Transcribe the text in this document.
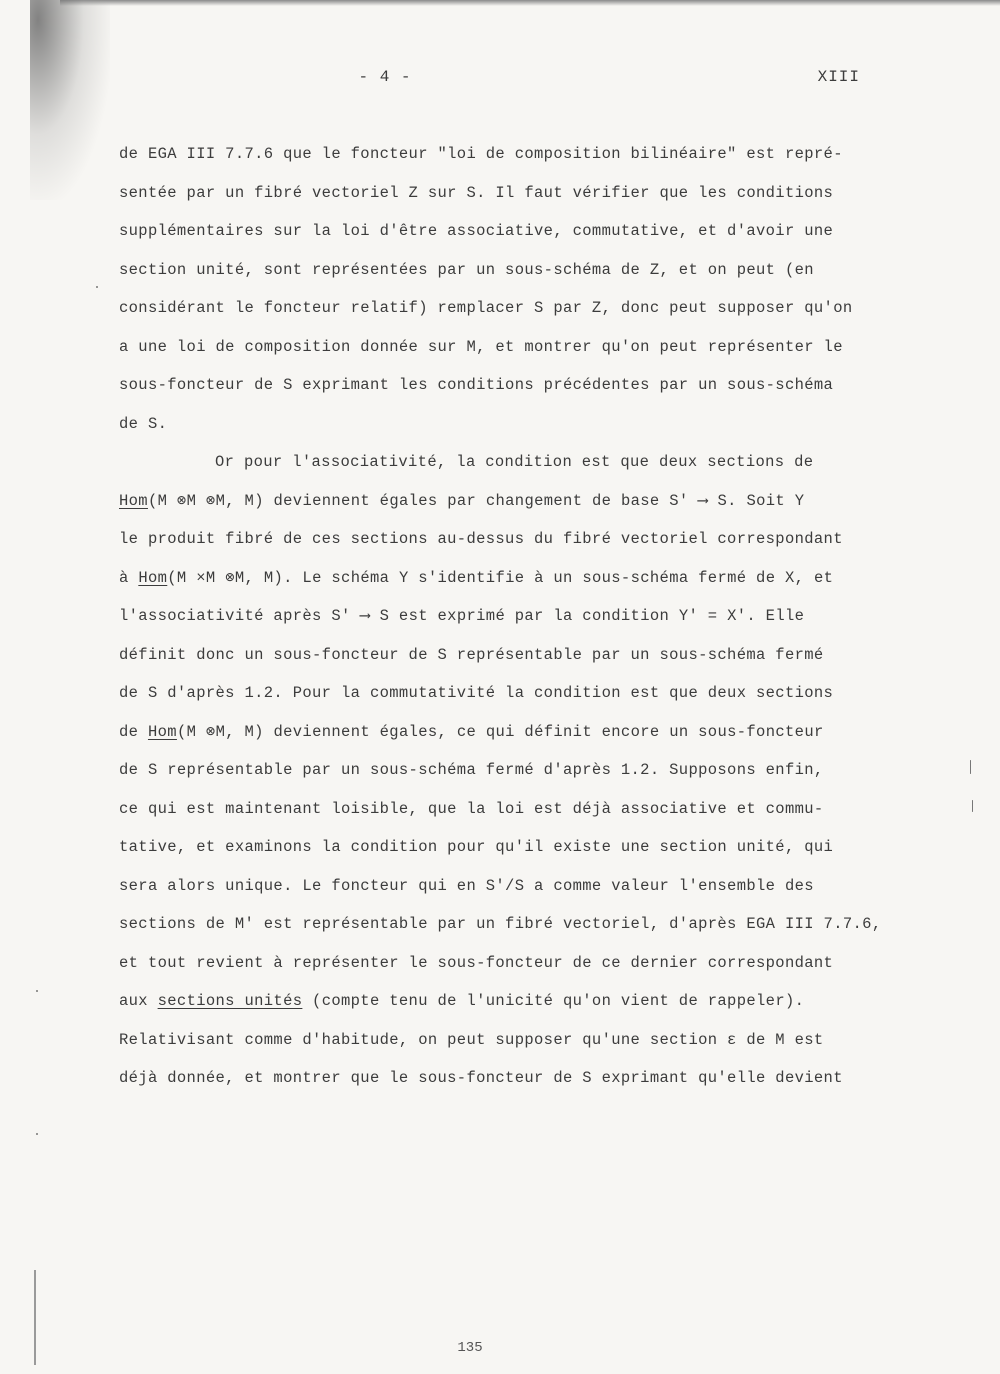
- 4 -	XIII
de EGA III 7.7.6 que le foncteur "loi de composition bilinéaire" est repré-
sentée par un fibré vectoriel Z sur S. Il faut vérifier que les conditions
supplémentaires sur la loi d'être associative, commutative, et d'avoir une
section unité, sont représentées par un sous-schéma de Z, et on peut (en
considérant le foncteur relatif) remplacer S par Z, donc peut supposer qu'on
a une loi de composition donnée sur M, et montrer qu'on peut représenter le
sous-foncteur de S exprimant les conditions précédentes par un sous-schéma
de S.
Or pour l'associativité, la condition est que deux sections de
Hom(M ⊗M ⊗M, M) deviennent égales par changement de base S' ⟶ S. Soit Y
le produit fibré de ces sections au-dessus du fibré vectoriel correspondant
à Hom(M ×M ⊗M, M). Le schéma Y s'identifie à un sous-schéma fermé de X, et
l'associativité après S' ⟶ S est exprimé par la condition Y' = X'. Elle
définit donc un sous-foncteur de S représentable par un sous-schéma fermé
de S d'après 1.2. Pour la commutativité la condition est que deux sections
de Hom(M ⊗M, M) deviennent égales, ce qui définit encore un sous-foncteur
de S représentable par un sous-schéma fermé d'après 1.2. Supposons enfin,
ce qui est maintenant loisible, que la loi est déjà associative et commu-
tative, et examinons la condition pour qu'il existe une section unité, qui
sera alors unique. Le foncteur qui en S'/S a comme valeur l'ensemble des
sections de M' est représentable par un fibré vectoriel, d'après EGA III 7.7.6,
et tout revient à représenter le sous-foncteur de ce dernier correspondant
aux sections unités (compte tenu de l'unicité qu'on vient de rappeler).
Relativisant comme d'habitude, on peut supposer qu'une section ε de M est
déjà donnée, et montrer que le sous-foncteur de S exprimant qu'elle devient
135
